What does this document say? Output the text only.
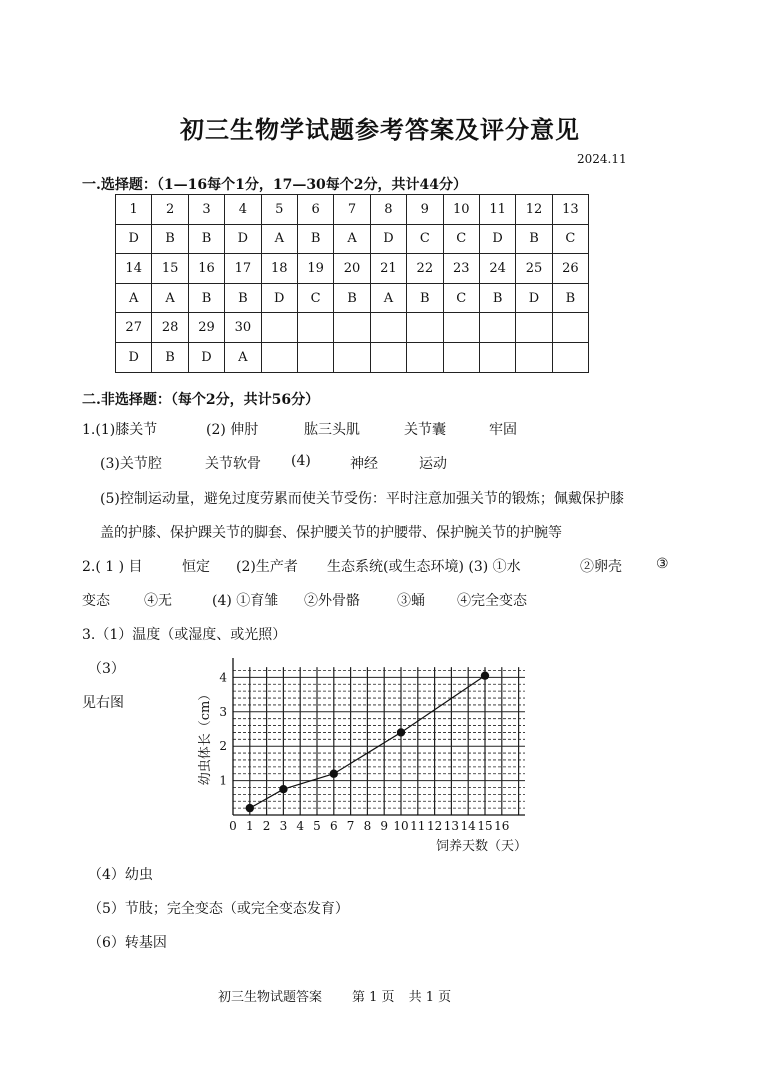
初三生物学试题参考答案及评分意见
2024.11
一.选择题：（1—16每个1分，17—30每个2分，共计44分）
1	2	3	4	5	6	7	8	9	10	11	12	13
D	B	B	D	A	B	A	D	C	C	D	B	C
14	15	16	17	18	19	20	21	22	23	24	25	26
A	A	B	B	D	C	B	A	B	C	B	D	B
27	28	29	30									
D	B	D	A									
二.非选择题：（每个2分，共计56分）
1.(1)膝关节	(2) 伸肘	肱三头肌	关节囊	牢固
(3)关节腔	关节软骨 (4)	神经	运动
(5)控制运动量，避免过度劳累而使关节受伤：平时注意加强关节的锻炼；佩戴保护膝
盖的护膝、保护踝关节的脚套、保护腰关节的护腰带、保护腕关节的护腕等
2.( 1 ) 目	恒定 (2)生产者 生态系统(或生态环境) (3) ①水	②卵壳 ③
变态 ④无	(4) ①育雏 ②外骨骼	③蛹 ④完全变态
3.（1）温度（或湿度、或光照）
（3）
见右图
0 1 2 3 4 5 6 7 8 9 10 11 12 13 14 15 16
1
2
3
4
幼虫体长（cm）
饲养天数（天）
（4）幼虫
（5）节肢；完全变态（或完全变态发育）
（6）转基因
初三生物试题答案 第 1 页 共 1 页
